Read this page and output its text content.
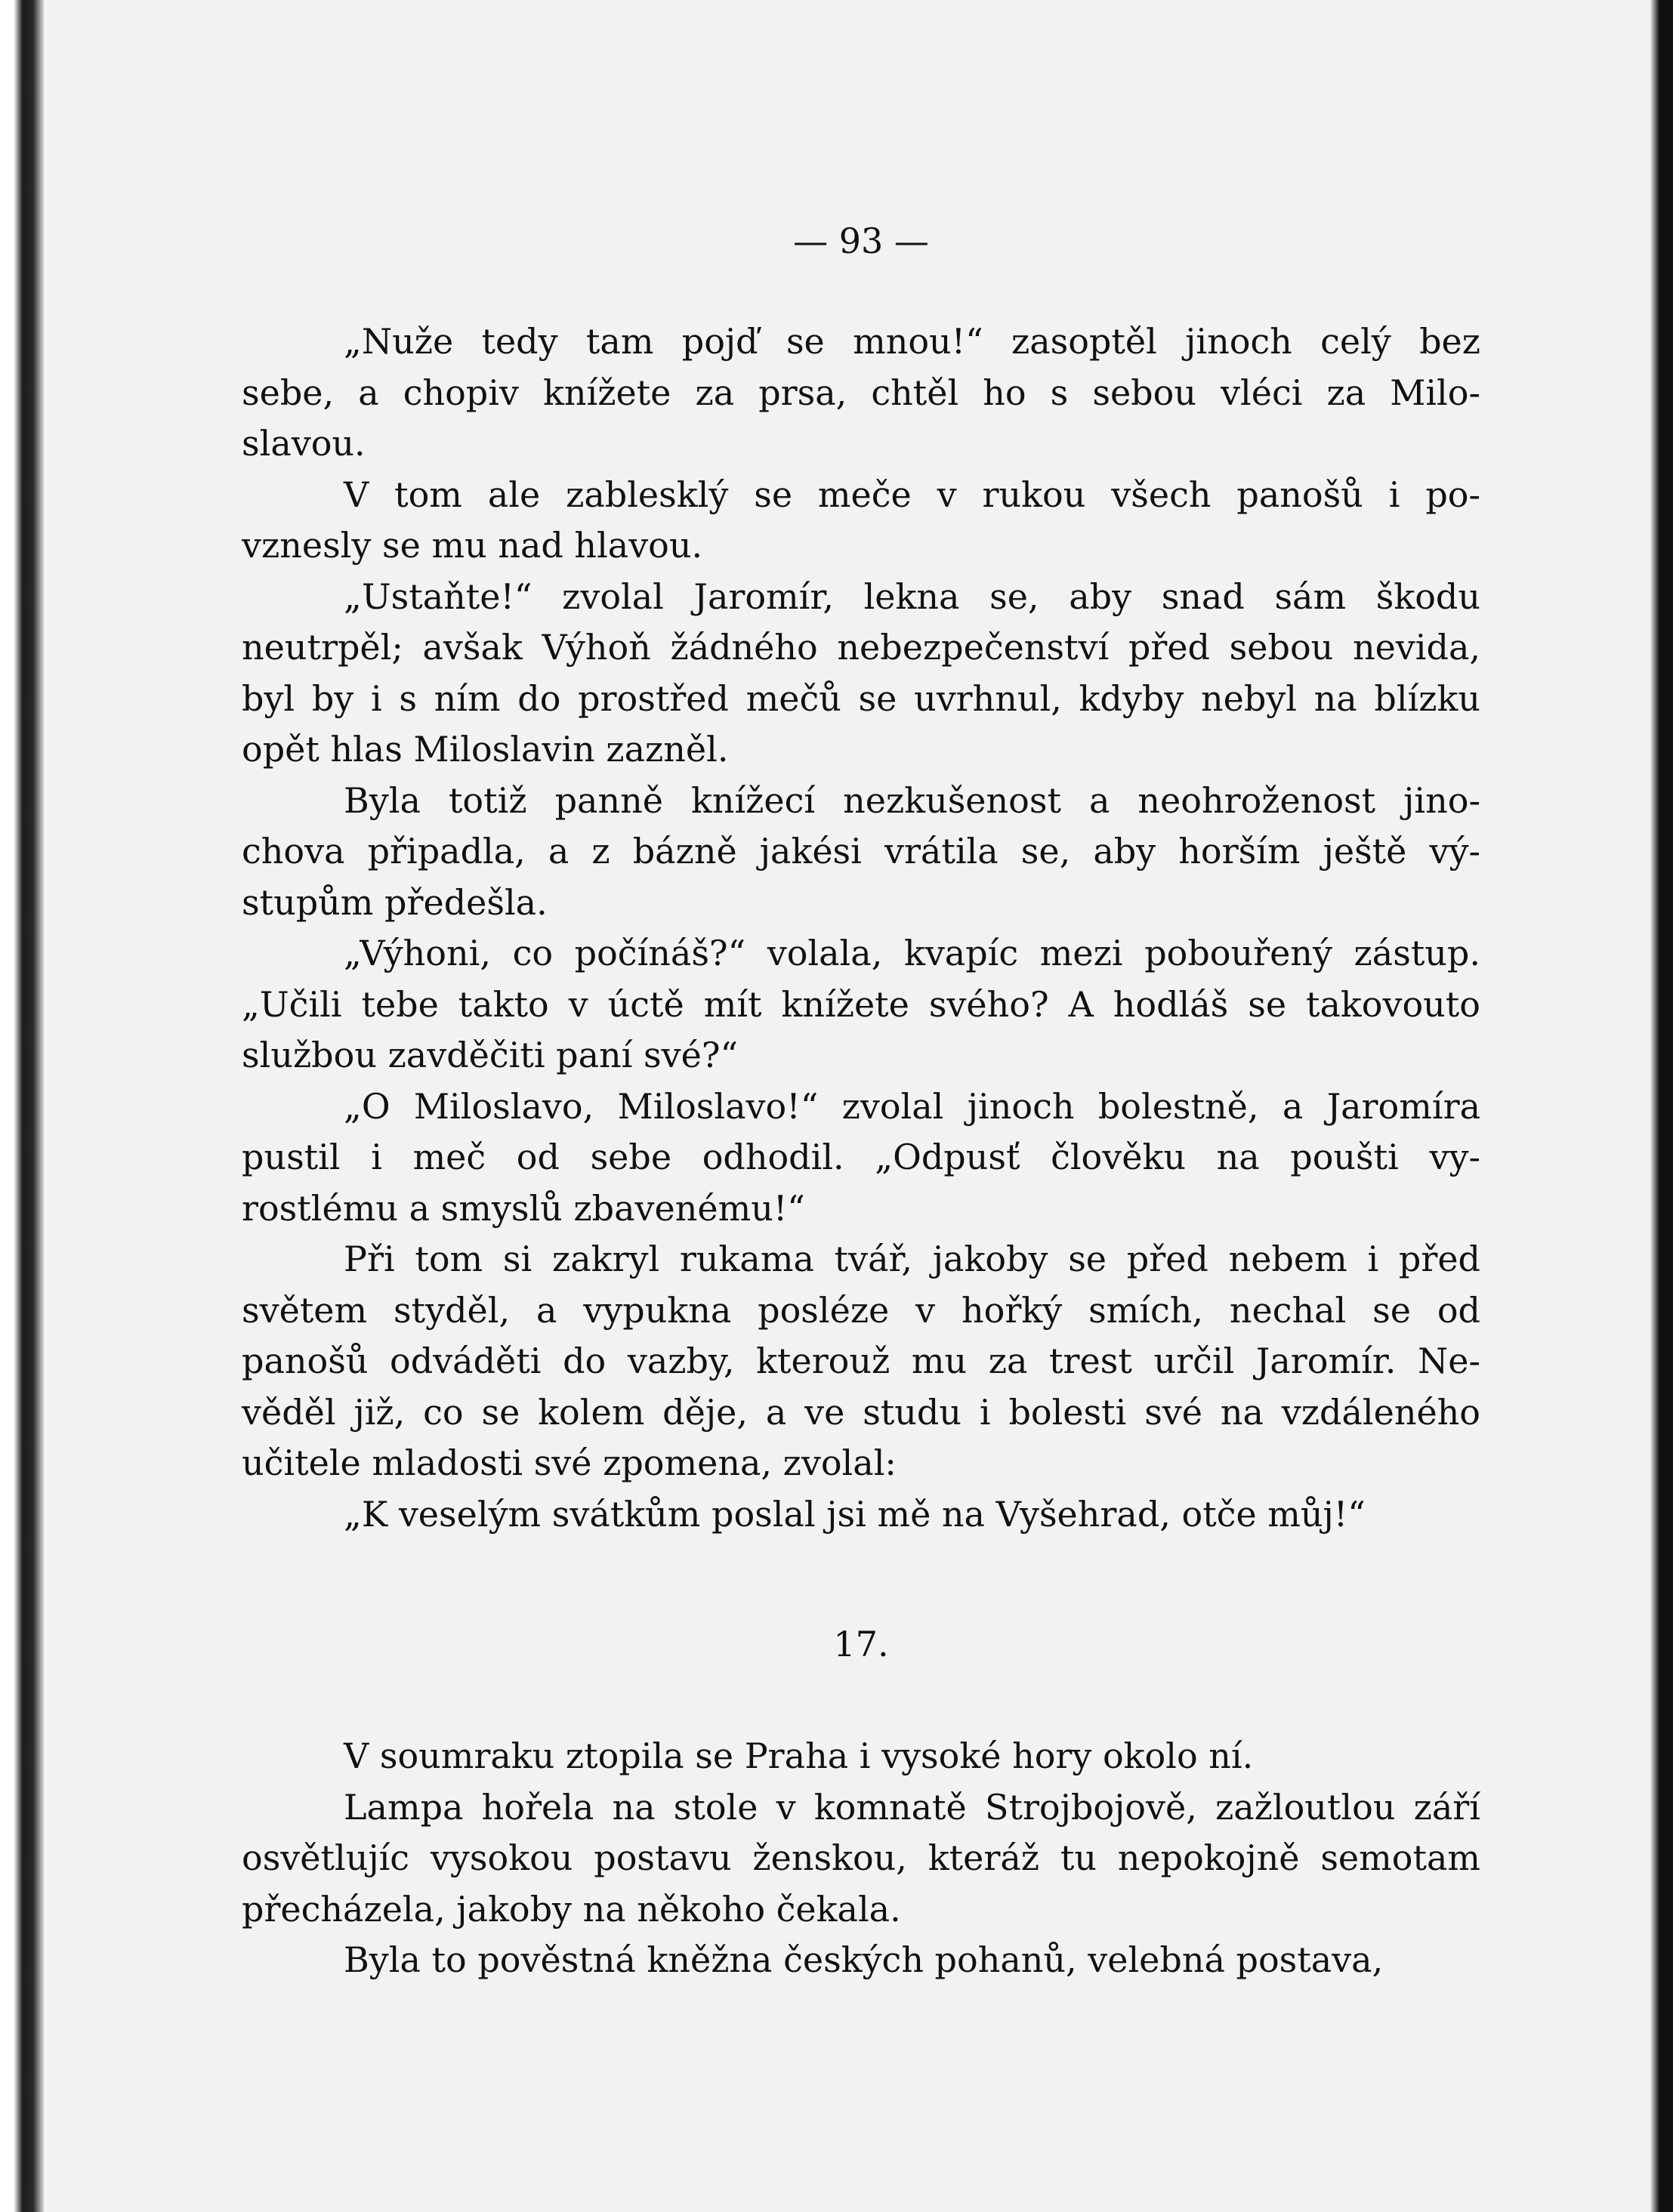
— 93 —
„Nuže tedy tam pojď se mnou!“ zasoptěl jinoch celý bez
sebe, a chopiv knížete za prsa, chtěl ho s sebou vléci za Milo-
slavou.
V tom ale zablesklý se meče v rukou všech panošů i po-
vznesly se mu nad hlavou.
„Ustaňte!“ zvolal Jaromír, lekna se, aby snad sám škodu
neutrpěl; avšak Výhoň žádného nebezpečenství před sebou nevida,
byl by i s ním do prostřed mečů se uvrhnul, kdyby nebyl na blízku
opět hlas Miloslavin zazněl.
Byla totiž panně knížecí nezkušenost a neohroženost jino-
chova připadla, a z bázně jakési vrátila se, aby horším ještě vý-
stupům předešla.
„Výhoni, co počínáš?“ volala, kvapíc mezi pobouřený zástup.
„Učili tebe takto v úctě mít knížete svého? A hodláš se takovouto
službou zavděčiti paní své?“
„O Miloslavo, Miloslavo!“ zvolal jinoch bolestně, a Jaromíra
pustil i meč od sebe odhodil. „Odpusť člověku na poušti vy-
rostlému a smyslů zbavenému!“
Při tom si zakryl rukama tvář, jakoby se před nebem i před
světem styděl, a vypukna posléze v hořký smích, nechal se od
panošů odváděti do vazby, kterouž mu za trest určil Jaromír. Ne-
věděl již, co se kolem děje, a ve studu i bolesti své na vzdáleného
učitele mladosti své zpomena, zvolal:
„K veselým svátkům poslal jsi mě na Vyšehrad, otče můj!“
17.
V soumraku ztopila se Praha i vysoké hory okolo ní.
Lampa hořela na stole v komnatě Strojbojově, zažloutlou září
osvětlujíc vysokou postavu ženskou, kteráž tu nepokojně semotam
přecházela, jakoby na někoho čekala.
Byla to pověstná kněžna českých pohanů, velebná postava,
